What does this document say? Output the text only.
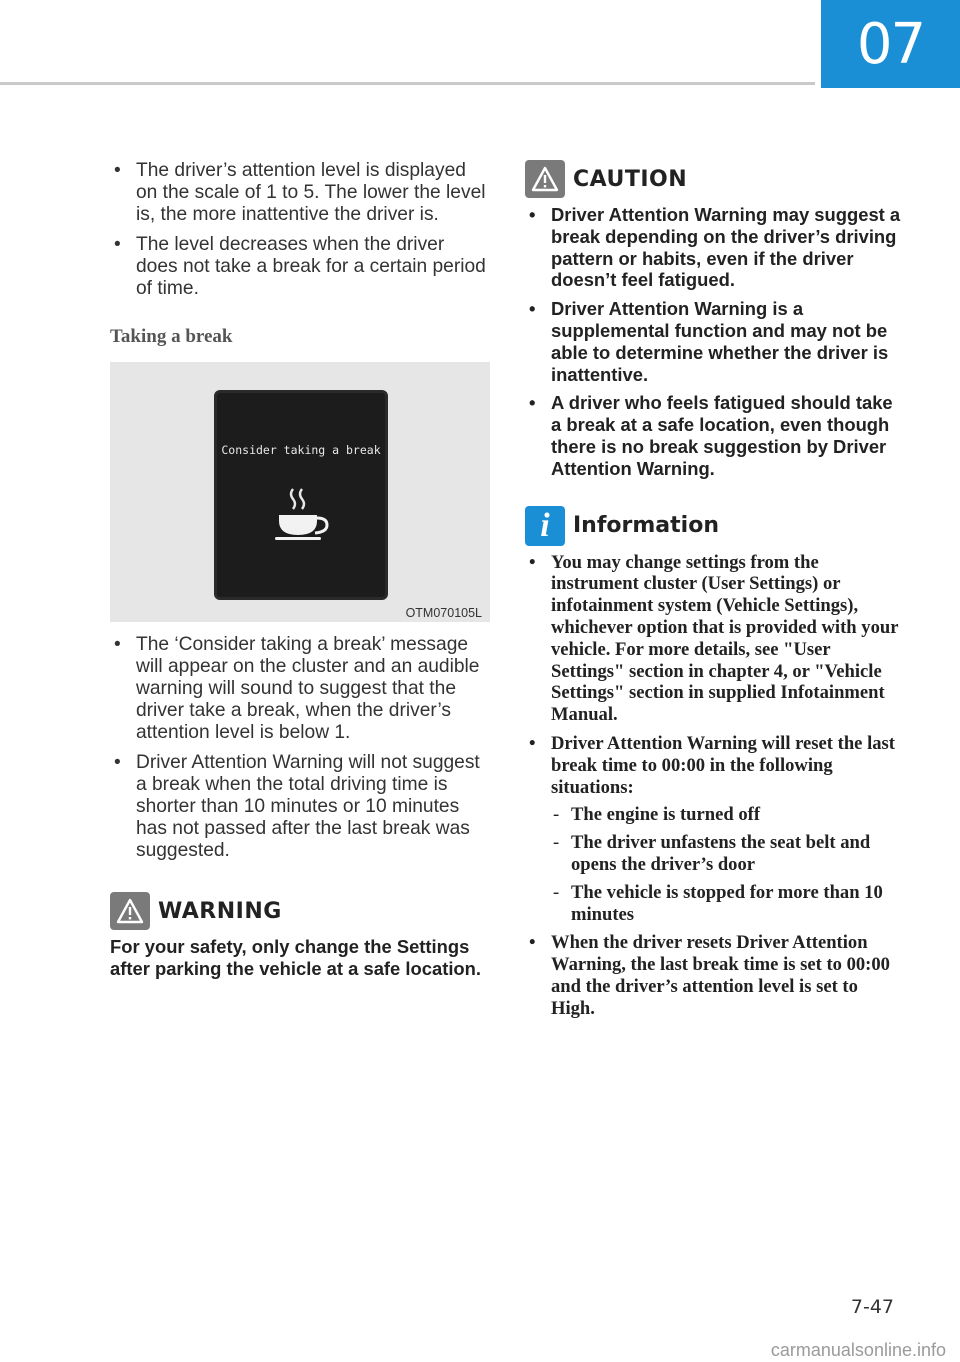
07
• The driver’s attention level is displayed on the scale of 1 to 5. The lower the level is, the more inattentive the driver is.
• The level decreases when the driver does not take a break for a certain period of time.
Taking a break
Consider taking a break
OTM070105L
• The ‘Consider taking a break’ message will appear on the cluster and an audible warning will sound to suggest that the driver take a break, when the driver’s attention level is below 1.
• Driver Attention Warning will not suggest a break when the total driving time is shorter than 10 minutes or 10 minutes has not passed after the last break was suggested.
WARNING

For your safety, only change the Settings after parking the vehicle at a safe location.

CAUTION
• Driver Attention Warning may suggest a break depending on the driver’s driving pattern or habits, even if the driver doesn’t feel fatigued.
• Driver Attention Warning is a supplemental function and may not be able to determine whether the driver is inattentive.
• A driver who feels fatigued should take a break at a safe location, even though there is no break suggestion by Driver Attention Warning.
i	Information
• You may change settings from the instrument cluster (User Settings) or infotainment system (Vehicle Settings), whichever option that is provided with your vehicle. For more details, see "User Settings" section in chapter 4, or "Vehicle Settings" section in supplied Infotainment Manual.
• Driver Attention Warning will reset the last break time to 00:00 in the following situations:
- The engine is turned off
- The driver unfastens the seat belt and opens the driver’s door
- The vehicle is stopped for more than 10 minutes
• When the driver resets Driver Attention Warning, the last break time is set to 00:00 and the driver’s attention level is set to High.
7-47
carmanualsonline.info
